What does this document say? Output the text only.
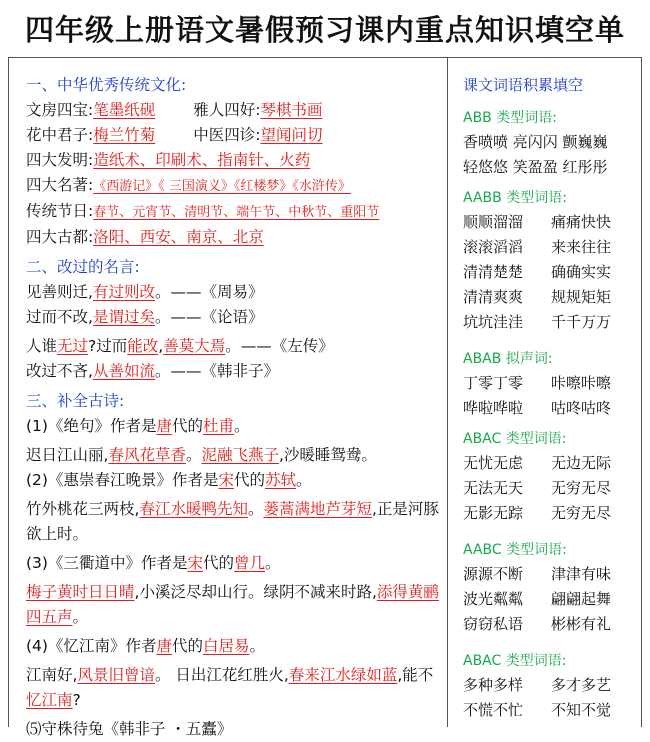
四年级上册语文暑假预习课内重点知识填空单
一、中华优秀传统文化:
文房四宝:笔墨纸砚 雅人四好:琴棋书画
花中君子:梅兰竹菊 中医四诊:望闻问切
四大发明:造纸术、印刷术、指南针、火药
四大名著:《西游记》《 三国演义》《红楼梦》《水浒传》
传统节日:春节、元宵节、清明节、端午节、中秋节、重阳节
四大古都:洛阳、西安、南京、北京
二、改过的名言:
见善则迁,有过则改。——《周易》
过而不改,是谓过矣。——《论语》
人谁无过?过而能改,善莫大焉。——《左传》
改过不吝,从善如流。——《韩非子》
三、补全古诗:
(1)《绝句》作者是唐代的杜甫。
迟日江山丽,春风花草香。泥融飞燕子,沙暖睡鸳鸯。
(2)《惠崇春江晚景》作者是宋代的苏轼。
竹外桃花三两枝,春江水暖鸭先知。蒌蒿满地芦芽短,正是河豚欲上时。
(3)《三衢道中》作者是宋代的曾几。
梅子黄时日日晴,小溪泛尽却山行。绿阴不减来时路,添得黄鹂四五声。
(4)《忆江南》作者唐代的白居易。
江南好,风景旧曾谙。 日出江花红胜火,春来江水绿如蓝,能不忆江南?
⑸守株待兔《韩非子 ・五蠹》
课文词语积累填空
ABB 类型词语:
香喷喷 亮闪闪 颤巍巍
轻悠悠 笑盈盈 红彤彤
AABB 类型词语:
顺顺溜溜 痛痛快快
滚滚滔滔 来来往往
清清楚楚 确确实实
清清爽爽 规规矩矩
坑坑洼洼 千千万万
ABAB 拟声词:
丁零丁零 咔嚓咔嚓
哗啦哗啦 咕咚咕咚
ABAC 类型词语:
无忧无虑 无边无际
无法无天 无穷无尽
无影无踪 无穷无尽
AABC 类型词语:
源源不断 津津有味
波光粼粼 翩翩起舞
窃窃私语 彬彬有礼
ABAC 类型词语:
多种多样 多才多艺
不慌不忙 不知不觉
